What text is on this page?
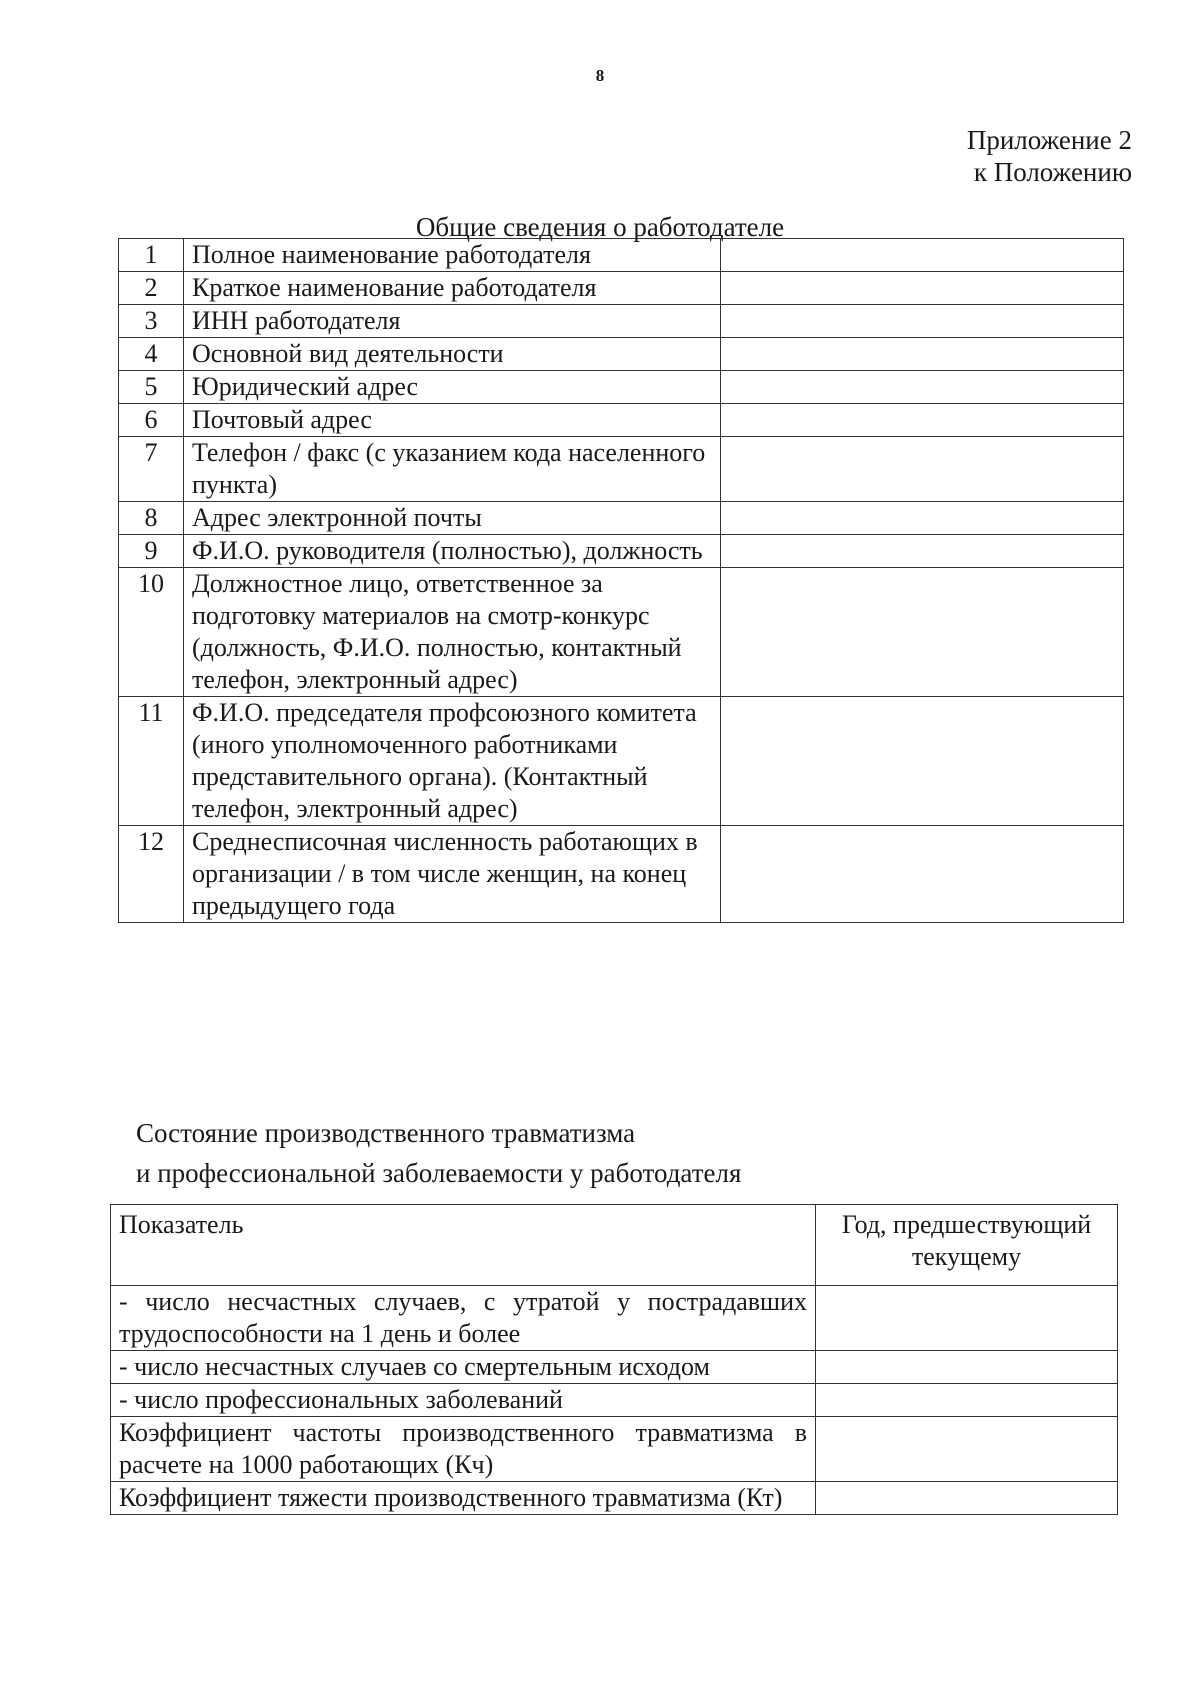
8
Приложение 2
к Положению
Общие сведения о работодателе
1	Полное наименование работодателя	
2	Краткое наименование работодателя	
3	ИНН работодателя	
4	Основной вид деятельности	
5	Юридический адрес	
6	Почтовый адрес	
7	Телефон / факс (с указанием кода населенного пункта)	
8	Адрес электронной почты	
9	Ф.И.О. руководителя (полностью), должность	
10	Должностное лицо, ответственное за подготовку материалов на смотр-конкурс (должность, Ф.И.О. полностью, контактный телефон, электронный адрес)	
11	Ф.И.О. председателя профсоюзного комитета (иного уполномоченного работниками представительного органа). (Контактный телефон, электронный адрес)	
12	Среднесписочная численность работающих в организации / в том числе женщин, на конец предыдущего года	
Состояние производственного травматизма
и профессиональной заболеваемости у работодателя
Показатель	Год, предшествующий текущему
- число несчастных случаев, с утратой у пострадавших трудоспособности на 1 день и более	
- число несчастных случаев со смертельным исходом	
- число профессиональных заболеваний	
Коэффициент частоты производственного травматизма в расчете на 1000 работающих (Кч)	
Коэффициент тяжести производственного травматизма (Кт)	
